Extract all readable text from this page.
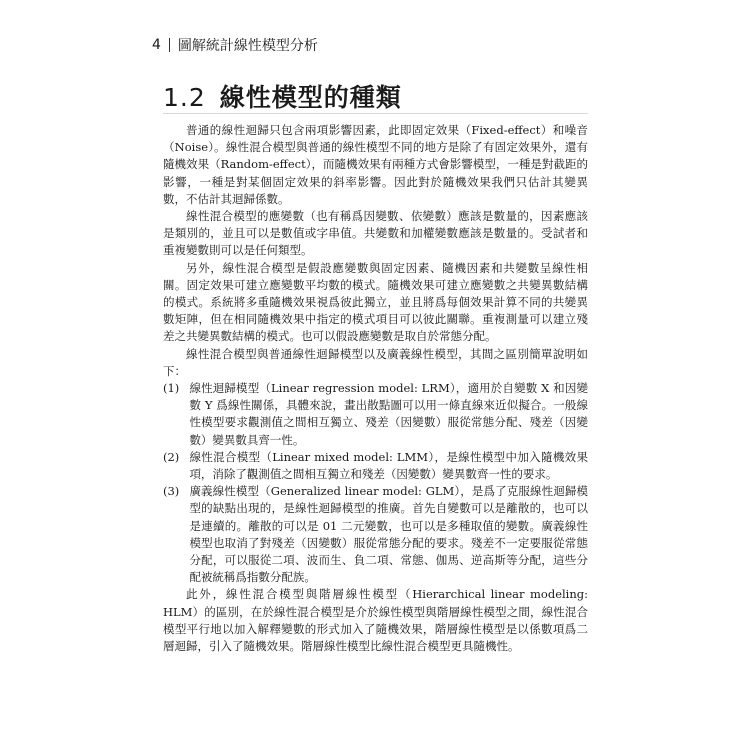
4 圖解統計線性模型分析
1.2 線性模型的種類

普通的線性迴歸只包含兩項影響因素，此即固定效果（Fixed-effect）和噪音（Noise）。線性混合模型與普通的線性模型不同的地方是除了有固定效果外，還有隨機效果（Random-effect），而隨機效果有兩種方式會影響模型，一種是對截距的影響，一種是對某個固定效果的斜率影響。因此對於隨機效果我們只估計其變異數，不估計其迴歸係數。

線性混合模型的應變數（也有稱爲因變數、依變數）應該是數量的，因素應該是類別的，並且可以是數值或字串值。共變數和加權變數應該是數量的。受試者和重複變數則可以是任何類型。

另外，線性混合模型是假設應變數與固定因素、隨機因素和共變數呈線性相關。固定效果可建立應變數平均數的模式。隨機效果可建立應變數之共變異數結構的模式。系統將多重隨機效果視爲彼此獨立，並且將爲每個效果計算不同的共變異數矩陣，但在相同隨機效果中指定的模式項目可以彼此關聯。重複測量可以建立殘差之共變異數結構的模式。也可以假設應變數是取自於常態分配。

線性混合模型與普通線性迴歸模型以及廣義線性模型，其間之區別簡單說明如下：

(1) 線性迴歸模型（Linear regression model: LRM），適用於自變數 X 和因變數 Y 爲線性關係，具體來說，畫出散點圖可以用一條直線來近似擬合。一般線性模型要求觀測值之間相互獨立、殘差（因變數）服從常態分配、殘差（因變數）變異數具齊一性。
(2) 線性混合模型（Linear mixed model: LMM），是線性模型中加入隨機效果項，消除了觀測值之間相互獨立和殘差（因變數）變異數齊一性的要求。
(3) 廣義線性模型（Generalized linear model: GLM），是爲了克服線性迴歸模型的缺點出現的，是線性迴歸模型的推廣。首先自變數可以是離散的，也可以是連續的。離散的可以是 01 二元變數，也可以是多種取值的變數。廣義線性模型也取消了對殘差（因變數）服從常態分配的要求。殘差不一定要服從常態分配，可以服從二項、波而生、負二項、常態、伽馬、逆高斯等分配，這些分配被統稱爲指數分配族。

此外，線性混合模型與階層線性模型（Hierarchical linear modeling: HLM）的區別，在於線性混合模型是介於線性模型與階層線性模型之間，線性混合模型平行地以加入解釋變數的形式加入了隨機效果，階層線性模型是以係數項爲二層迴歸，引入了隨機效果。階層線性模型比線性混合模型更具隨機性。
